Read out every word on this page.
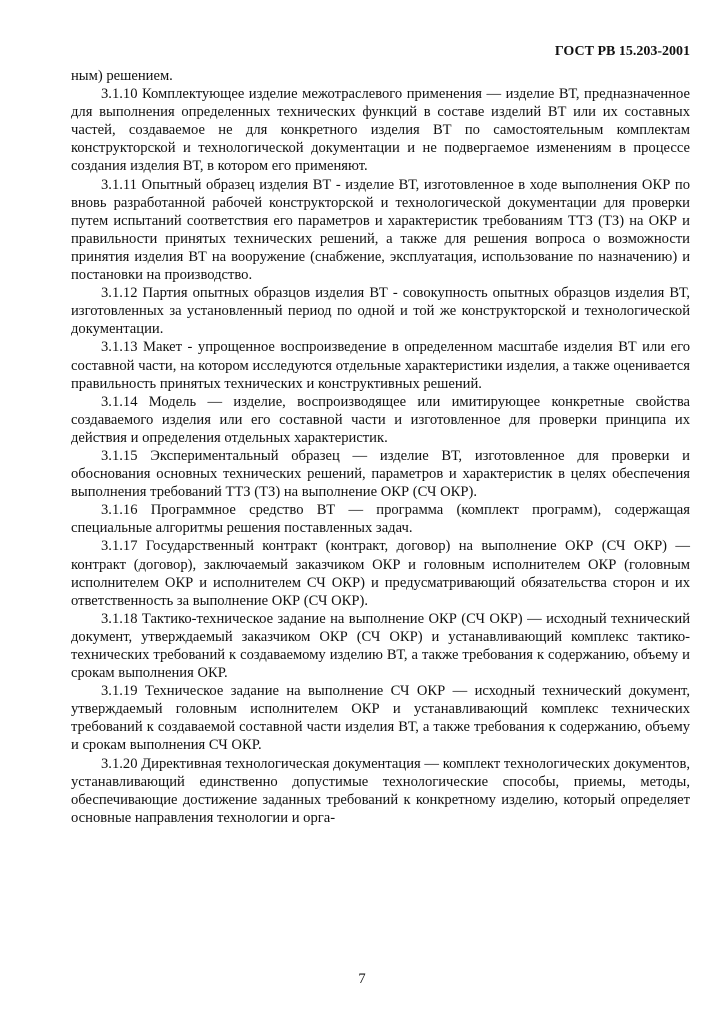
ГОСТ РВ 15.203-2001

ным) решением.

3.1.10 Комплектующее изделие межотраслевого применения — изделие ВТ, предназначенное для выполнения определенных технических функций в составе изделий ВТ или их составных частей, создаваемое не для конкретного изделия ВТ по самостоятельным комплектам конструкторской и технологической документации и не подвергаемое изменениям в процессе создания изделия ВТ, в котором его применяют.

3.1.11 Опытный образец изделия ВТ - изделие ВТ, изготовленное в ходе выполнения ОКР по вновь разработанной рабочей конструкторской и технологической документации для проверки путем испытаний соответствия его параметров и характеристик требованиям ТТЗ (ТЗ) на ОКР и правильности принятых технических решений, а также для решения вопроса о возможности принятия изделия ВТ на вооружение (снабжение, эксплуатация, использование по назначению) и постановки на производство.

3.1.12 Партия опытных образцов изделия ВТ - совокупность опытных образцов изделия ВТ, изготовленных за установленный период по одной и той же конструкторской и технологической документации.

3.1.13 Макет - упрощенное воспроизведение в определенном масштабе изделия ВТ или его составной части, на котором исследуются отдельные характеристики изделия, а также оценивается правильность принятых технических и конструктивных решений.

3.1.14 Модель — изделие, воспроизводящее или имитирующее конкретные свойства создаваемого изделия или его составной части и изготовленное для проверки принципа их действия и определения отдельных характеристик.

3.1.15 Экспериментальный образец — изделие ВТ, изготовленное для проверки и обоснования основных технических решений, параметров и характеристик в целях обеспечения выполнения требований ТТЗ (ТЗ) на выполнение ОКР (СЧ ОКР).

3.1.16 Программное средство ВТ — программа (комплект программ), содержащая специальные алгоритмы решения поставленных задач.

3.1.17 Государственный контракт (контракт, договор) на выполнение ОКР (СЧ ОКР) — контракт (договор), заключаемый заказчиком ОКР и головным исполнителем ОКР (головным исполнителем ОКР и исполнителем СЧ ОКР) и предусматривающий обязательства сторон и их ответственность за выполнение ОКР (СЧ ОКР).

3.1.18 Тактико-техническое задание на выполнение ОКР (СЧ ОКР) — исходный технический документ, утверждаемый заказчиком ОКР (СЧ ОКР) и устанавливающий комплекс тактико-технических требований к создаваемому изделию ВТ, а также требования к содержанию, объему и срокам выполнения ОКР.

3.1.19 Техническое задание на выполнение СЧ ОКР — исходный технический документ, утверждаемый головным исполнителем ОКР и устанавливающий комплекс технических требований к создаваемой составной части изделия ВТ, а также требования к содержанию, объему и срокам выполнения СЧ ОКР.

3.1.20 Директивная технологическая документация — комплект технологических документов, устанавливающий единственно допустимые технологические способы, приемы, методы, обеспечивающие достижение заданных требований к конкретному изделию, который определяет основные направления технологии и орга-

7
